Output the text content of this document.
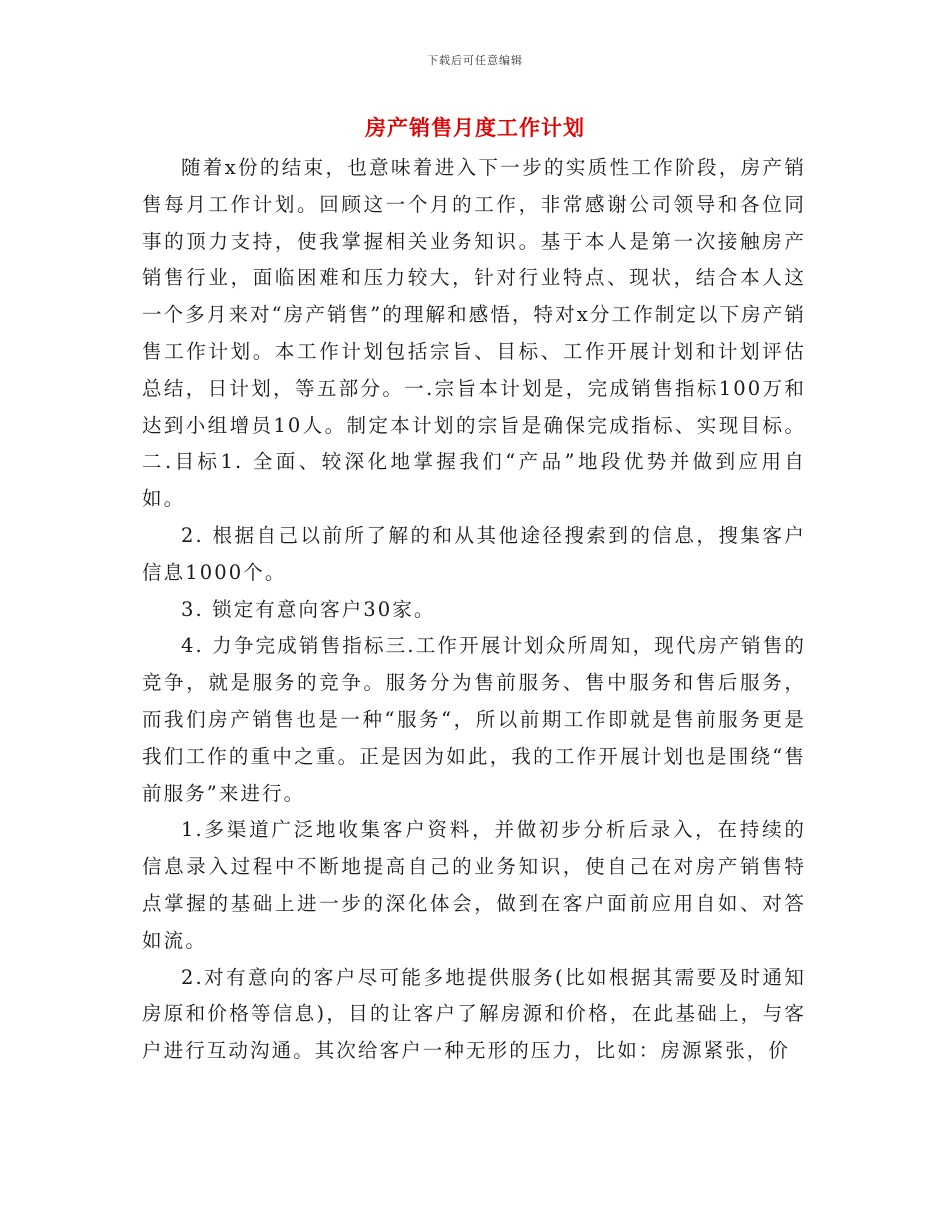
下载后可任意编辑
房产销售月度工作计划

随着x份的结束，也意味着进入下一步的实质性工作阶段，房产销售每月工作计划。回顾这一个月的工作，非常感谢公司领导和各位同事的顶力支持，使我掌握相关业务知识。基于本人是第一次接触房产销售行业，面临困难和压力较大，针对行业特点、现状，结合本人这一个多月来对“房产销售”的理解和感悟，特对x分工作制定以下房产销售工作计划。本工作计划包括宗旨、目标、工作开展计划和计划评估总结，日计划，等五部分。一.宗旨本计划是，完成销售指标100万和达到小组增员10人。制定本计划的宗旨是确保完成指标、实现目标。二.目标1. 全面、较深化地掌握我们“产品”地段优势并做到应用自如。

2. 根据自己以前所了解的和从其他途径搜索到的信息，搜集客户信息1000个。

3. 锁定有意向客户30家。

4. 力争完成销售指标三.工作开展计划众所周知，现代房产销售的竞争，就是服务的竞争。服务分为售前服务、售中服务和售后服务，而我们房产销售也是一种“服务“，所以前期工作即就是售前服务更是我们工作的重中之重。正是因为如此，我的工作开展计划也是围绕“售前服务”来进行。

1.多渠道广泛地收集客户资料，并做初步分析后录入，在持续的信息录入过程中不断地提高自己的业务知识，使自己在对房产销售特点掌握的基础上进一步的深化体会，做到在客户面前应用自如、对答如流。

2.对有意向的客户尽可能多地提供服务(比如根据其需要及时通知房原和价格等信息)，目的让客户了解房源和价格，在此基础上，与客户进行互动沟通。其次给客户一种无形的压力，比如：房源紧张，价
